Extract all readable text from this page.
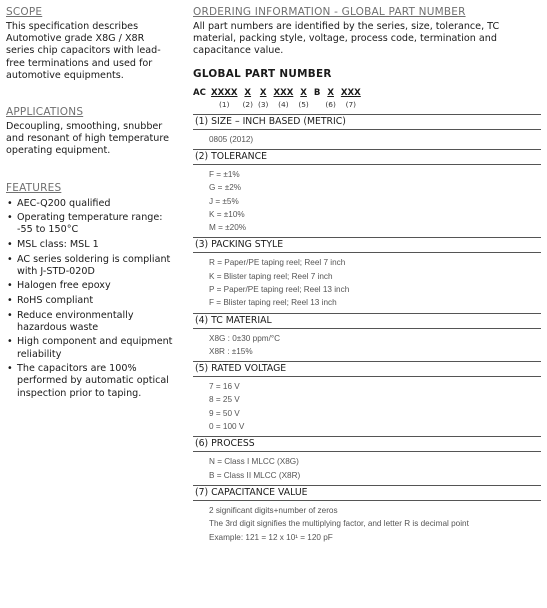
SCOPE

This specification describes Automotive grade X8G / X8R series chip capacitors with lead-free terminations and used for automotive equipments.

APPLICATIONS

Decoupling, smoothing, snubber and resonant of high temperature operating equipment.

FEATURES
• AEC-Q200 qualified
• Operating temperature range: -55 to 150°C
• MSL class: MSL 1
• AC series soldering is compliant with J-STD-020D
• Halogen free epoxy
• RoHS compliant
• Reduce environmentally hazardous waste
• High component and equipment reliability
• The capacitors are 100% performed by automatic optical inspection prior to taping.
ORDERING INFORMATION - GLOBAL PART NUMBER

All part numbers are identified by the series, size, tolerance, TC material, packing style, voltage, process code, termination and capacitance value.

GLOBAL PART NUMBER
AC XXXX
(1)
X
(2)
X
(3)
XXX
(4)
X
(5)
B X
(6)
XXX
(7)
(1) SIZE – INCH BASED (METRIC)
0805 (2012)
(2) TOLERANCE
F = ±1%
G = ±2%
J = ±5%
K = ±10%
M = ±20%
(3) PACKING STYLE
R = Paper/PE taping reel; Reel 7 inch
K = Blister taping reel; Reel 7 inch
P = Paper/PE taping reel; Reel 13 inch
F = Blister taping reel; Reel 13 inch
(4) TC MATERIAL
X8G : 0±30 ppm/°C
X8R : ±15%
(5) RATED VOLTAGE
7 = 16 V
8 = 25 V
9 = 50 V
0 = 100 V
(6) PROCESS
N = Class I MLCC (X8G)
B = Class II MLCC (X8R)
(7) CAPACITANCE VALUE
2 significant digits+number of zeros
The 3rd digit signifies the multiplying factor, and letter R is decimal point
Example: 121 = 12 x 10¹ = 120 pF
